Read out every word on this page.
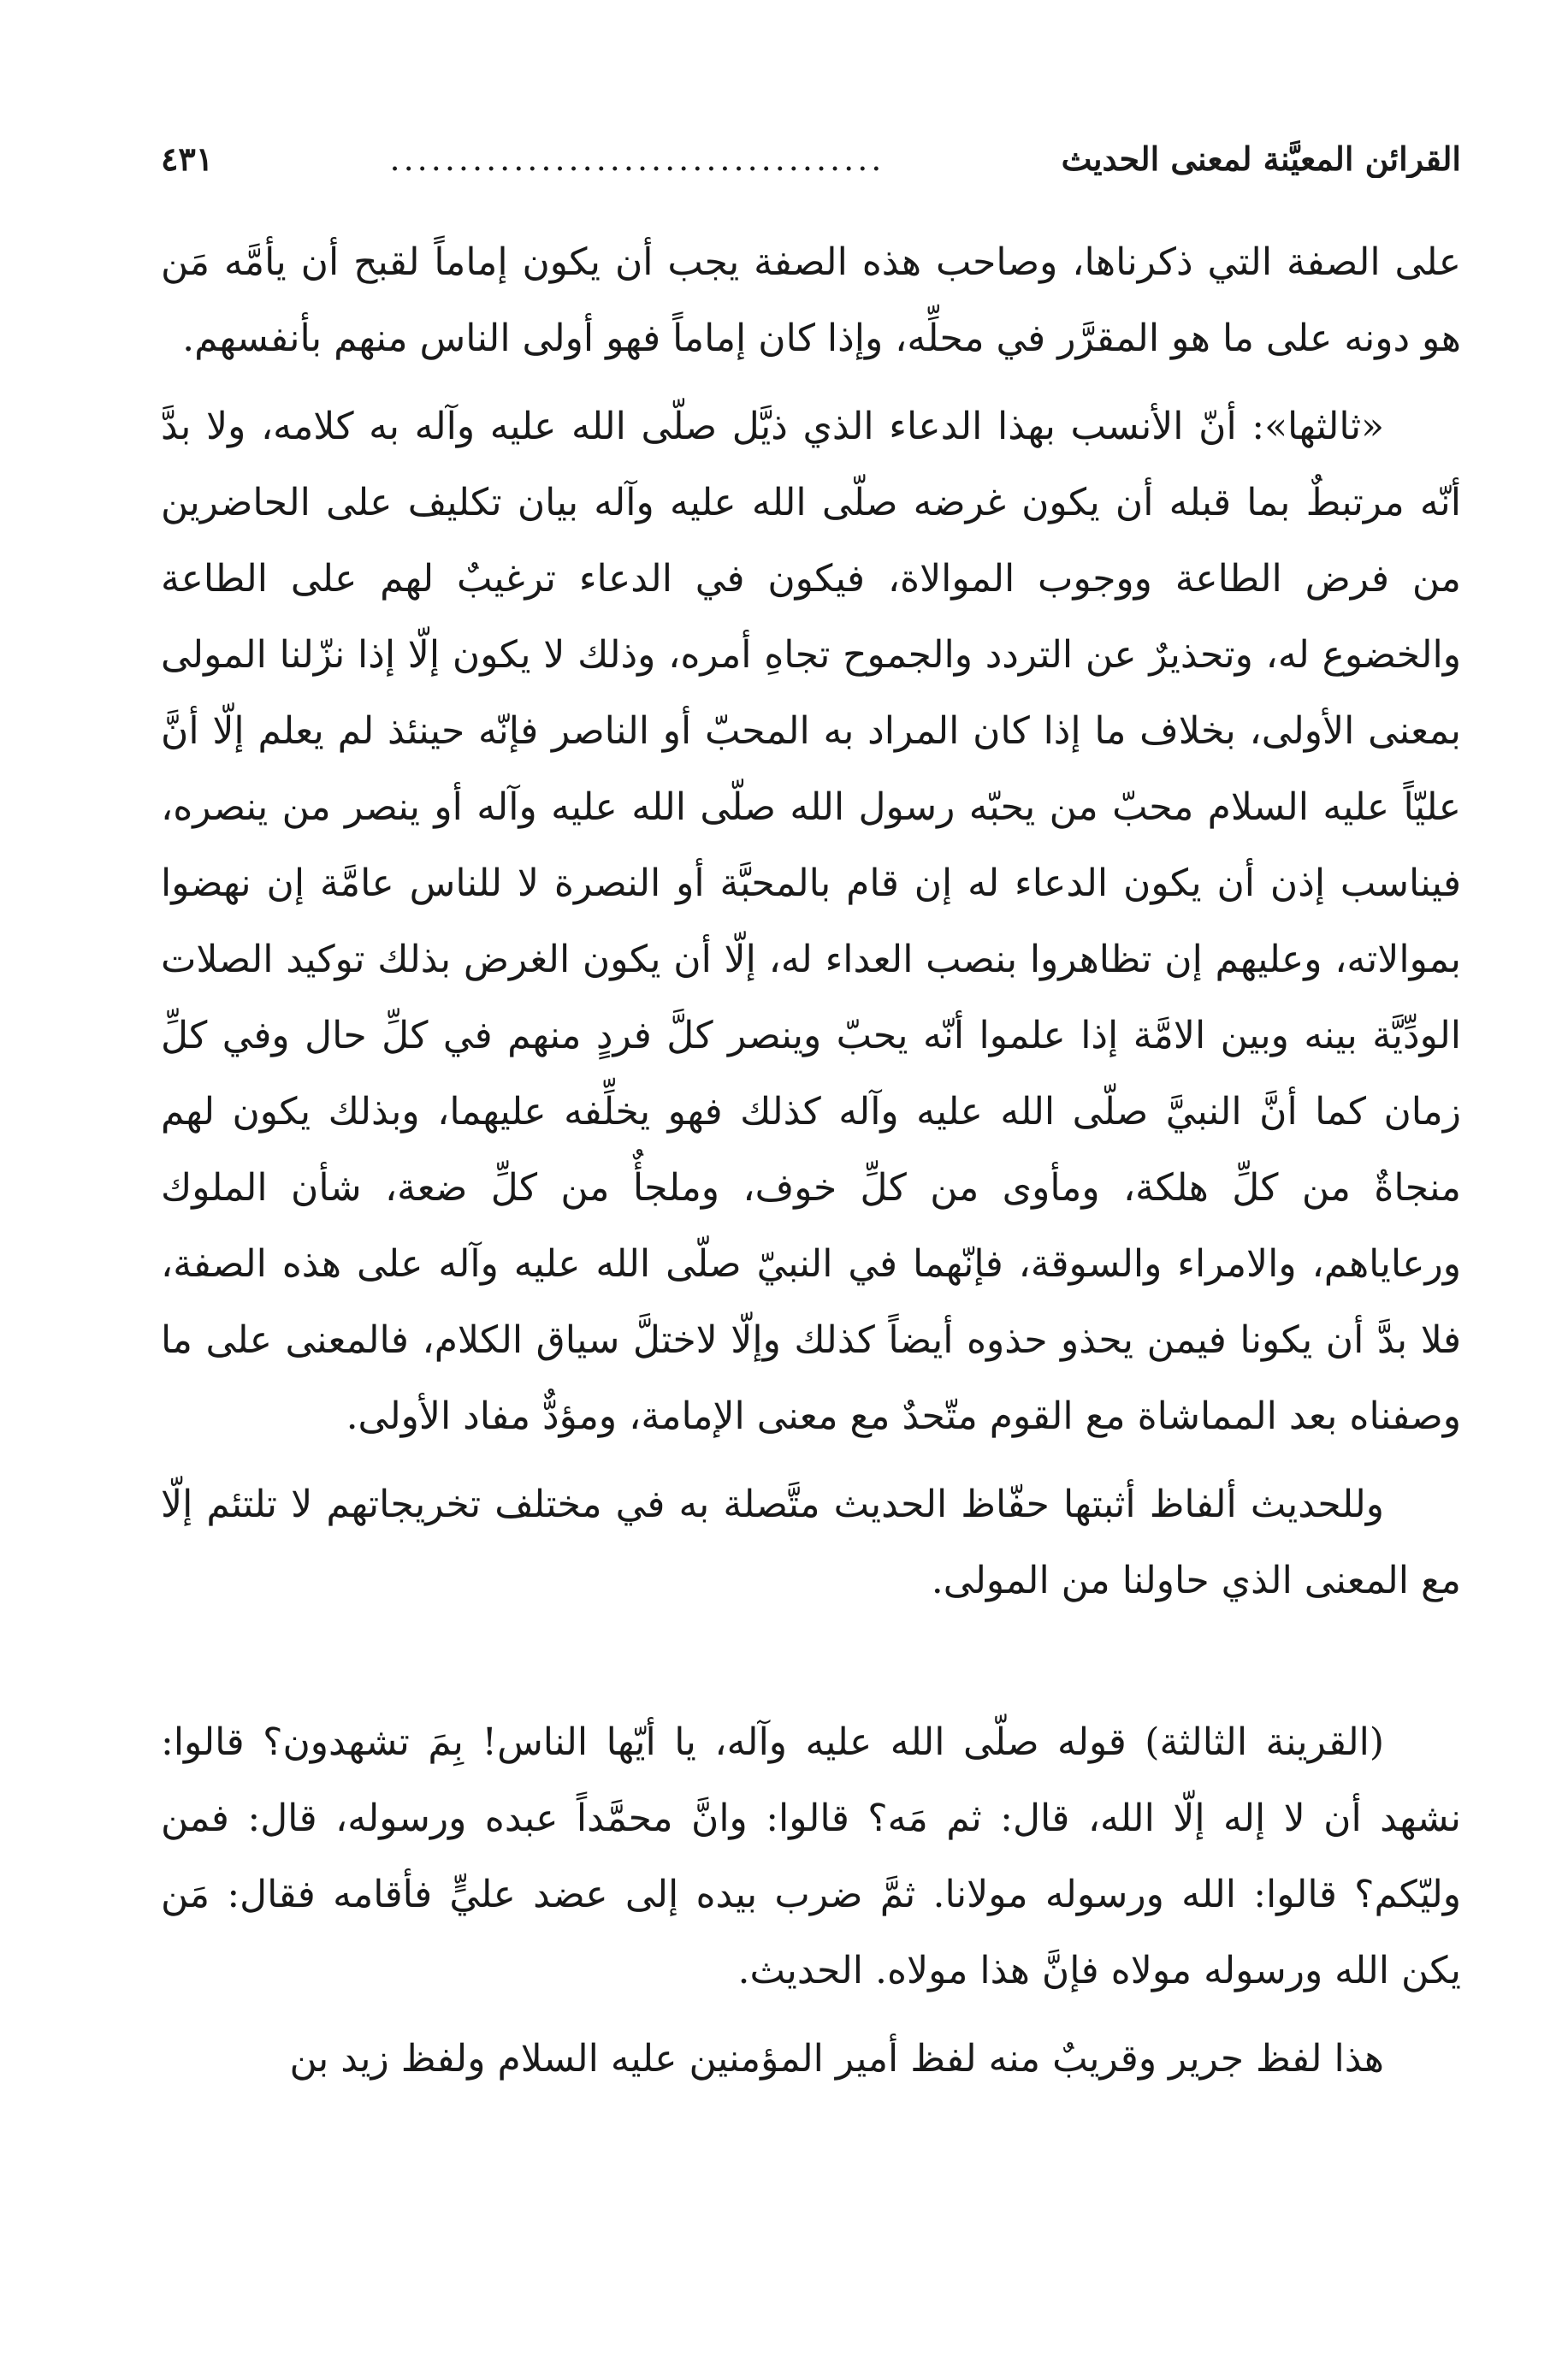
القرائن المعيَّنة لمعنى الحديث
....................................
٤٣١

على الصفة التي ذكرناها، وصاحب هذه الصفة يجب أن يكون إماماً لقبح أن يأمَّه مَن هو دونه على ما هو المقرَّر في محلِّه، وإذا كان إماماً فهو أولى الناس منهم بأنفسهم.

«ثالثها»: أنّ الأنسب بهذا الدعاء الذي ذيَّل صلّى الله عليه وآله به كلامه، ولا بدَّ أنّه مرتبطٌ بما قبله أن يكون غرضه صلّى الله عليه وآله بيان تكليف على الحاضرين من فرض الطاعة ووجوب الموالاة، فيكون في الدعاء ترغيبٌ لهم على الطاعة والخضوع له، وتحذيرٌ عن التردد والجموح تجاهِ أمره، وذلك لا يكون إلّا إذا نزّلنا المولى بمعنى الأولى، بخلاف ما إذا كان المراد به المحبّ أو الناصر فإنّه حينئذ لم يعلم إلّا أنَّ عليّاً عليه السلام محبّ من يحبّه رسول الله صلّى الله عليه وآله أو ينصر من ينصره، فيناسب إذن أن يكون الدعاء له إن قام بالمحبَّة أو النصرة لا للناس عامَّة إن نهضوا بموالاته، وعليهم إن تظاهروا بنصب العداء له، إلّا أن يكون الغرض بذلك توكيد الصلات الودِّيَّة بينه وبين الامَّة إذا علموا أنّه يحبّ وينصر كلَّ فردٍ منهم في كلِّ حال وفي كلِّ زمان كما أنَّ النبيَّ صلّى الله عليه وآله كذلك فهو يخلِّفه عليهما، وبذلك يكون لهم منجاةٌ من كلِّ هلكة، ومأوى من كلِّ خوف، وملجأٌ من كلِّ ضعة، شأن الملوك ورعاياهم، والامراء والسوقة، فإنّهما في النبيّ صلّى الله عليه وآله على هذه الصفة، فلا بدَّ أن يكونا فيمن يحذو حذوه أيضاً كذلك وإلّا لاختلَّ سياق الكلام، فالمعنى على ما وصفناه بعد المماشاة مع القوم متّحدٌ مع معنى الإمامة، ومؤدٌّ مفاد الأولى.

وللحديث ألفاظ أثبتها حفّاظ الحديث متَّصلة به في مختلف تخريجاتهم لا تلتئم إلّا مع المعنى الذي حاولنا من المولى.

(القرينة الثالثة) قوله صلّى الله عليه وآله، يا أيّها الناس! بِمَ تشهدون؟ قالوا: نشهد أن لا إله إلّا الله، قال: ثم مَه؟ قالوا: وانَّ محمَّداً عبده ورسوله، قال: فمن وليّكم؟ قالوا: الله ورسوله مولانا. ثمَّ ضرب بيده إلى عضد عليٍّ فأقامه فقال: مَن يكن الله ورسوله مولاه فإنَّ هذا مولاه. الحديث.

هذا لفظ جرير وقريبٌ منه لفظ أمير المؤمنين عليه السلام ولفظ زيد بن
